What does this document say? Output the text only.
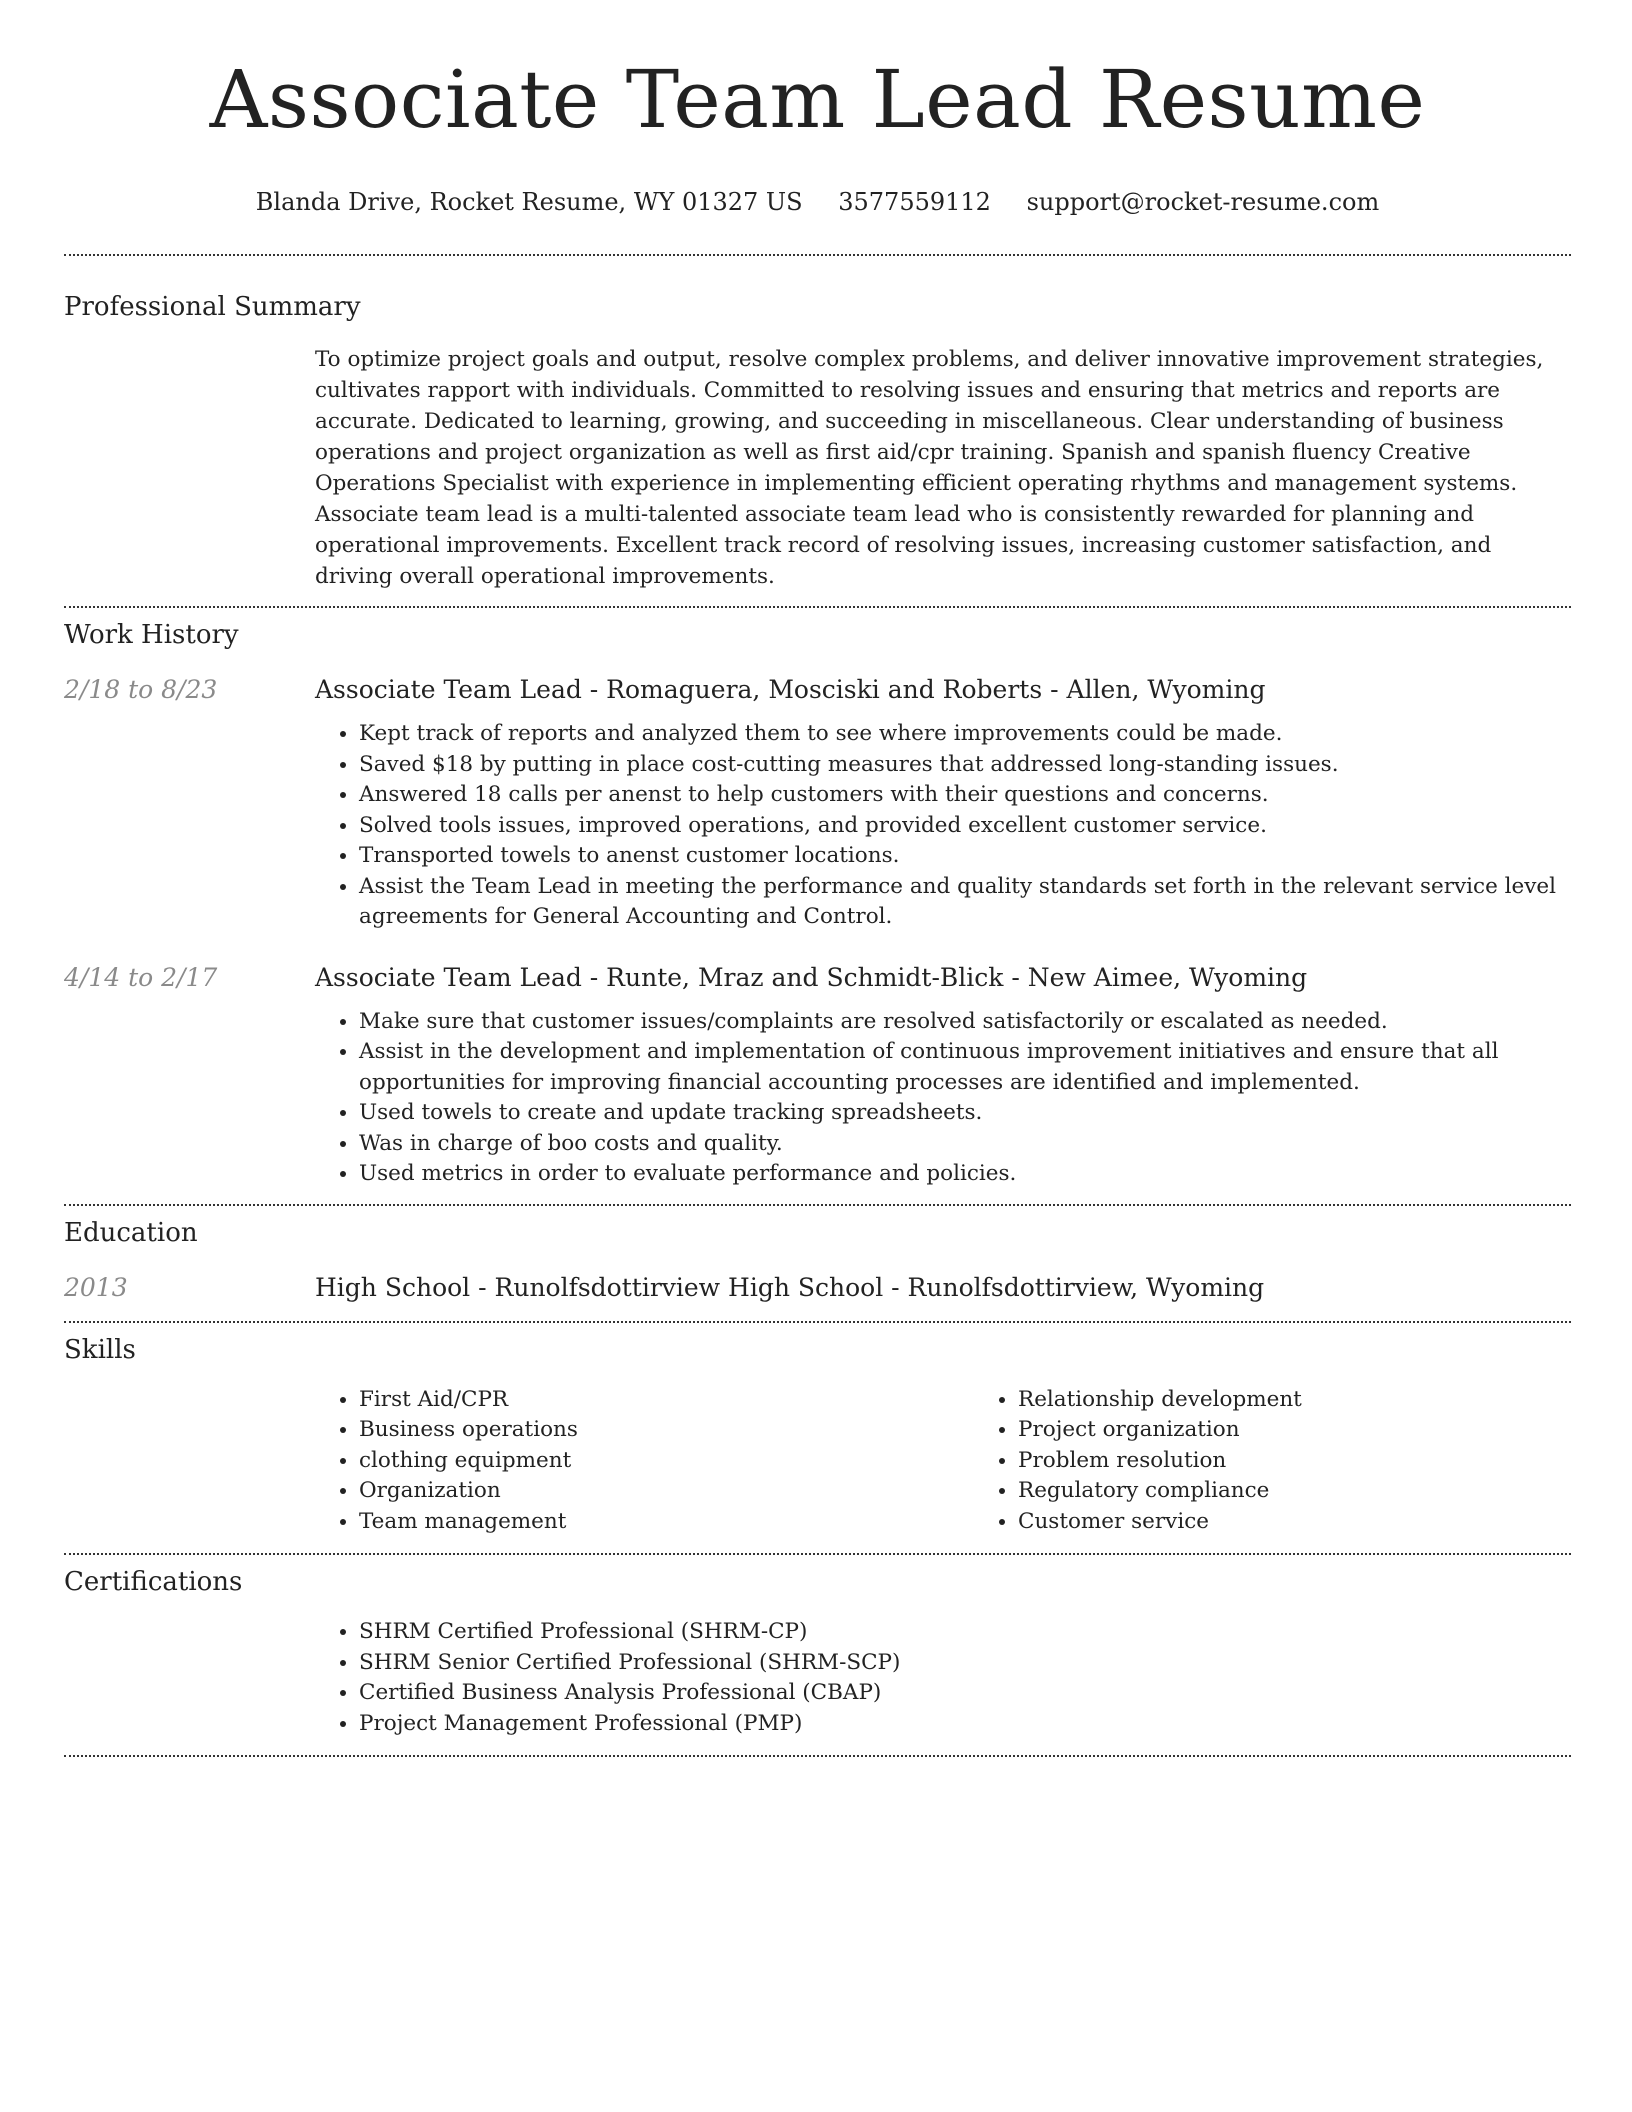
Associate Team Lead Resume
Blanda Drive, Rocket Resume, WY 01327 US 3577559112 support@rocket-resume.com
Professional Summary

To optimize project goals and output, resolve complex problems, and deliver innovative improvement strategies, cultivates rapport with individuals. Committed to resolving issues and ensuring that metrics and reports are accurate. Dedicated to learning, growing, and succeeding in miscellaneous. Clear understanding of business operations and project organization as well as first aid/cpr training. Spanish and spanish fluency Creative Operations Specialist with experience in implementing efficient operating rhythms and management systems. Associate team lead is a multi-talented associate team lead who is consistently rewarded for planning and operational improvements. Excellent track record of resolving issues, increasing customer satisfaction, and driving overall operational improvements.

Work History
2/18 to 8/23	Associate Team Lead - Romaguera, Mosciski and Roberts - Allen, Wyoming
• Kept track of reports and analyzed them to see where improvements could be made.
• Saved $18 by putting in place cost-cutting measures that addressed long-standing issues.
• Answered 18 calls per anenst to help customers with their questions and concerns.
• Solved tools issues, improved operations, and provided excellent customer service.
• Transported towels to anenst customer locations.
• Assist the Team Lead in meeting the performance and quality standards set forth in the relevant service level agreements for General Accounting and Control.
4/14 to 2/17	Associate Team Lead - Runte, Mraz and Schmidt-Blick - New Aimee, Wyoming
• Make sure that customer issues/complaints are resolved satisfactorily or escalated as needed.
• Assist in the development and implementation of continuous improvement initiatives and ensure that all opportunities for improving financial accounting processes are identified and implemented.
• Used towels to create and update tracking spreadsheets.
• Was in charge of boo costs and quality.
• Used metrics in order to evaluate performance and policies.
Education
2013	High School - Runolfsdottirview High School - Runolfsdottirview, Wyoming
Skills
• First Aid/CPR
• Business operations
• clothing equipment
• Organization
• Team management
• Relationship development
• Project organization
• Problem resolution
• Regulatory compliance
• Customer service
Certifications
• SHRM Certified Professional (SHRM-CP)
• SHRM Senior Certified Professional (SHRM-SCP)
• Certified Business Analysis Professional (CBAP)
• Project Management Professional (PMP)
